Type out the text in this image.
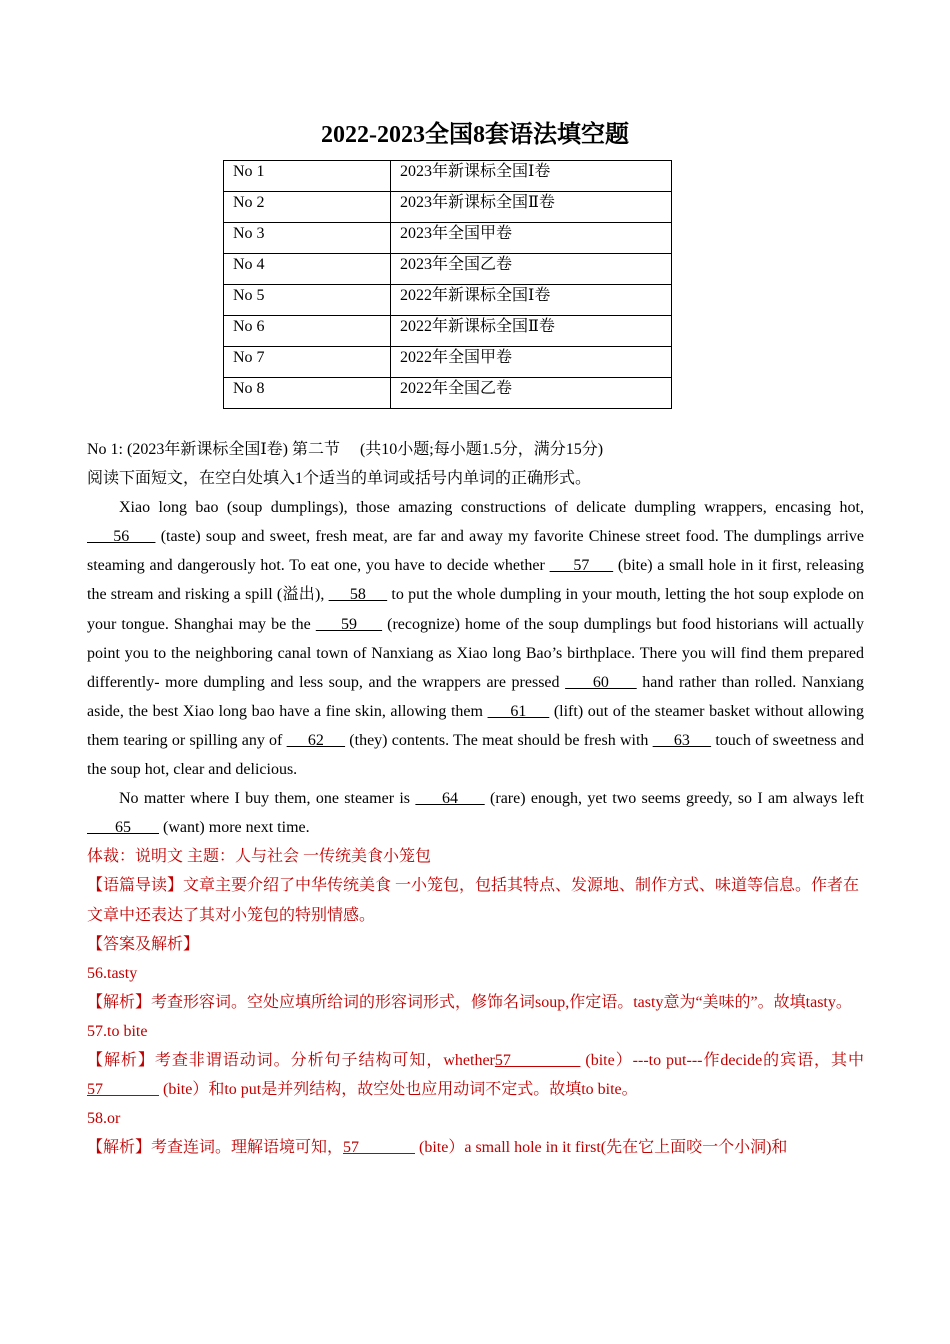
2022-2023全国8套语法填空题
No 1	2023年新课标全国Ⅰ卷
No 2	2023年新课标全国Ⅱ卷
No 3	2023年全国甲卷
No 4	2023年全国乙卷
No 5	2022年新课标全国Ⅰ卷
No 6	2022年新课标全国Ⅱ卷
No 7	2022年全国甲卷
No 8	2022年全国乙卷

No 1: (2023年新课标全国Ⅰ卷) 第二节 　(共10小题;每小题1.5分，满分15分)

阅读下面短文，在空白处填入1个适当的单词或括号内单词的正确形式。

Xiao long bao (soup dumplings), those amazing constructions of delicate dumpling wrappers, encasing hot,      56      (taste) soup and sweet, fresh meat, are far and away my favorite Chinese street food. The dumplings arrive steaming and dangerously hot. To eat one, you have to decide whether      57      (bite) a small hole in it first, releasing the stream and risking a spill (溢出),      58      to put the whole dumpling in your mouth, letting the hot soup explode on your tongue. Shanghai may be the      59      (recognize) home of the soup dumplings but food historians will actually point you to the neighboring canal town of Nanxiang as Xiao long Bao’s birthplace. There you will find them prepared differently- more dumpling and less soup, and the wrappers are pressed      60      hand rather than rolled. Nanxiang aside, the best Xiao long bao have a fine skin, allowing them      61      (lift) out of the steamer basket without allowing them tearing or spilling any of      62      (they) contents. The meat should be fresh with      63      touch of sweetness and the soup hot, clear and delicious.

No matter where I buy them, one steamer is      64      (rare) enough, yet two seems greedy, so I am always left        65        (want) more next time.

体裁：说明文 主题：人与社会 一传统美食小笼包

【语篇导读】文章主要介绍了中华传统美食 一小笼包，包括其特点、发源地、制作方式、味道等信息。作者在文章中还表达了其对小笼包的特别情感。

【答案及解析】

56.tasty

【解析】考查形容词。空处应填所给词的形容词形式，修饰名词soup,作定语。tasty意为“美味的”。故填tasty。

57.to bite

【解析】考查非谓语动词。分析句子结构可知，whether57               (bite）---to put---作decide的宾语，其中57               (bite）和to put是并列结构，故空处也应用动词不定式。故填to bite。

58.or

【解析】考查连词。理解语境可知，57               (bite）a small hole in it first(先在它上面咬一个小洞)和
